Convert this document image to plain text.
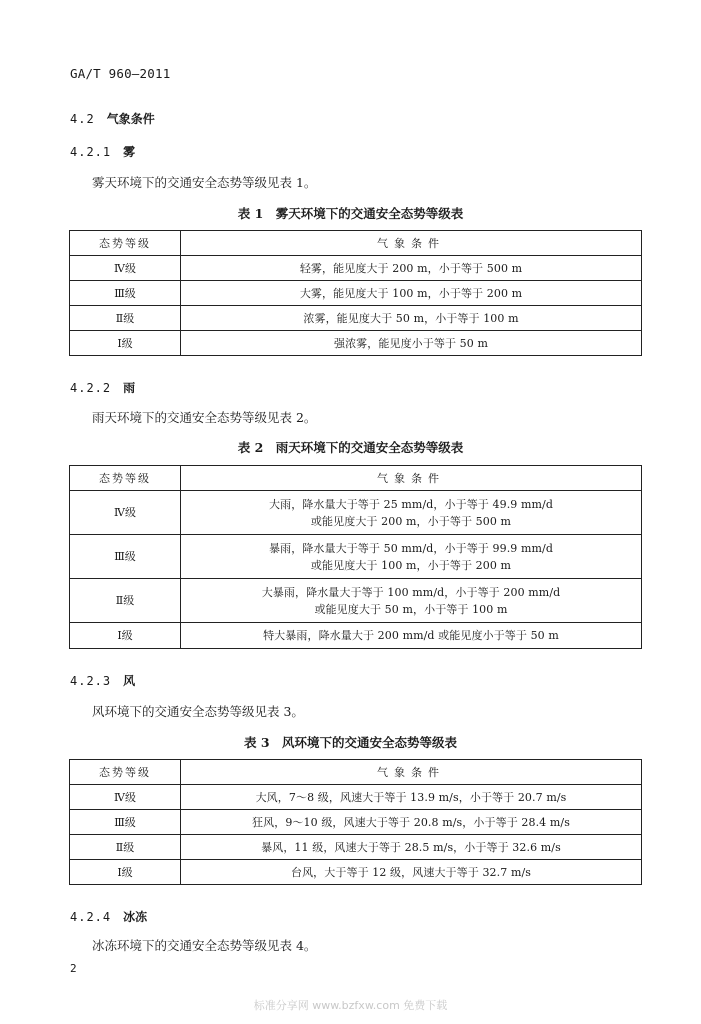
GA/T 960—2011
4.2 气象条件
4.2.1 雾
雾天环境下的交通安全态势等级见表 1。
表 1　雾天环境下的交通安全态势等级表
态势等级	气象条件
Ⅳ级	轻雾，能见度大于 200 m，小于等于 500 m
Ⅲ级	大雾，能见度大于 100 m，小于等于 200 m
Ⅱ级	浓雾，能见度大于 50 m，小于等于 100 m
Ⅰ级	强浓雾，能见度小于等于 50 m
4.2.2 雨
雨天环境下的交通安全态势等级见表 2。
表 2　雨天环境下的交通安全态势等级表
态势等级	气象条件
Ⅳ级	大雨，降水量大于等于 25 mm/d，小于等于 49.9 mm/d
或能见度大于 200 m，小于等于 500 m

Ⅲ级	暴雨，降水量大于等于 50 mm/d，小于等于 99.9 mm/d
或能见度大于 100 m，小于等于 200 m

Ⅱ级	大暴雨，降水量大于等于 100 mm/d，小于等于 200 mm/d
或能见度大于 50 m，小于等于 100 m

Ⅰ级	特大暴雨，降水量大于 200 mm/d 或能见度小于等于 50 m
4.2.3 风
风环境下的交通安全态势等级见表 3。
表 3　风环境下的交通安全态势等级表
态势等级	气象条件
Ⅳ级	大风，7～8 级，风速大于等于 13.9 m/s，小于等于 20.7 m/s
Ⅲ级	狂风，9～10 级，风速大于等于 20.8 m/s，小于等于 28.4 m/s
Ⅱ级	暴风，11 级，风速大于等于 28.5 m/s，小于等于 32.6 m/s
Ⅰ级	台风，大于等于 12 级，风速大于等于 32.7 m/s
4.2.4 冰冻
冰冻环境下的交通安全态势等级见表 4。
2
标准分享网 www.bzfxw.com 免费下载
